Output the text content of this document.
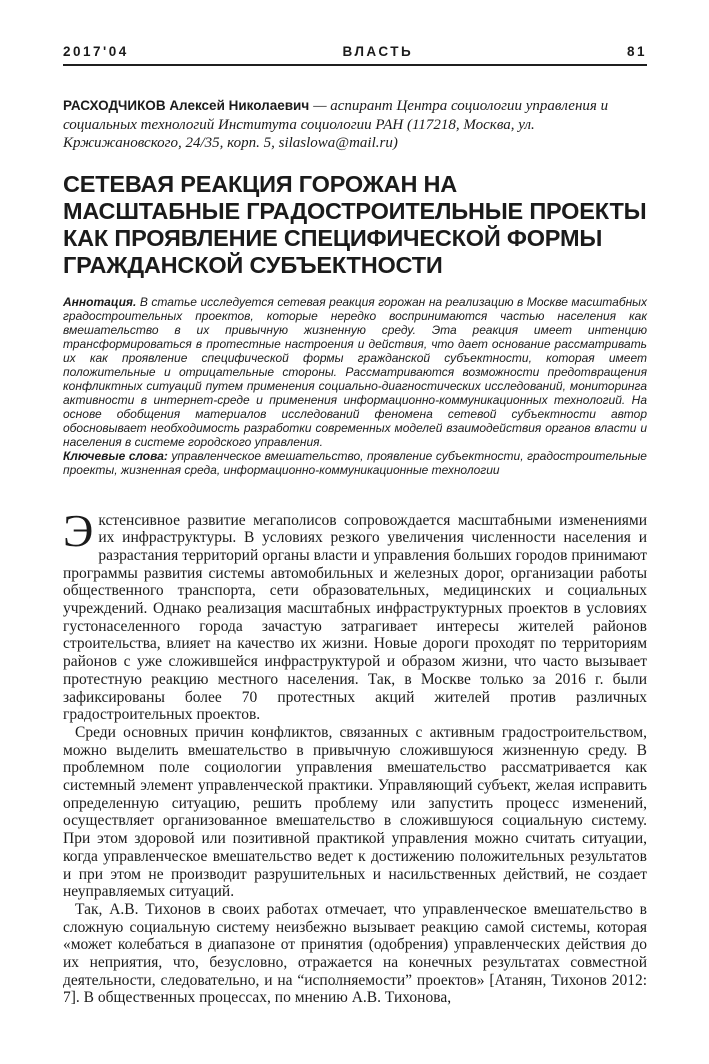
2017'04	ВЛАСТЬ	81
РАСХОДЧИКОВ Алексей Николаевич — аспирант Центра социологии управления и социальных технологий Института социологии РАН (117218, Москва, ул. Кржижановского, 24/35, корп. 5, silaslowa@mail.ru)
СЕТЕВАЯ РЕАКЦИЯ ГОРОЖАН НА
МАСШТАБНЫЕ ГРАДОСТРОИТЕЛЬНЫЕ ПРОЕКТЫ
КАК ПРОЯВЛЕНИЕ СПЕЦИФИЧЕСКОЙ ФОРМЫ
ГРАЖДАНСКОЙ СУБЪЕКТНОСТИ

Аннотация. В статье исследуется сетевая реакция горожан на реализацию в Москве масштабных градостроительных проектов, которые нередко воспринимаются частью населения как вмешательство в их привычную жизненную среду. Эта реакция имеет интенцию трансформироваться в протестные настроения и действия, что дает основание рассматривать их как проявление специфической формы гражданской субъектности, которая имеет положительные и отрицательные стороны. Рассматриваются возможности предотвращения конфликтных ситуаций путем применения социально-диагностических исследований, мониторинга активности в интернет-среде и применения информационно-коммуникационных технологий. На основе обобщения материалов исследований феномена сетевой субъектности автор обосновывает необходимость разработки современных моделей взаимодействия органов власти и населения в системе городского управления.

Ключевые слова: управленческое вмешательство, проявление субъектности, градостроительные проекты, жизненная среда, информационно-коммуникационные технологии

Экстенсивное развитие мегаполисов сопровождается масштабными изменениями их инфраструктуры. В условиях резкого увеличения численности населения и разрастания территорий органы власти и управления больших городов принимают программы развития системы автомобильных и железных дорог, организации работы общественного транспорта, сети образовательных, медицинских и социальных учреждений. Однако реализация масштабных инфраструктурных проектов в условиях густонаселенного города зачастую затрагивает интересы жителей районов строительства, влияет на качество их жизни. Новые дороги проходят по территориям районов с уже сложившейся инфраструктурой и образом жизни, что часто вызывает протестную реакцию местного населения. Так, в Москве только за 2016 г. были зафиксированы более 70 протестных акций жителей против различных градостроительных проектов.

Среди основных причин конфликтов, связанных с активным градостроительством, можно выделить вмешательство в привычную сложившуюся жизненную среду. В проблемном поле социологии управления вмешательство рассматривается как системный элемент управленческой практики. Управляющий субъект, желая исправить определенную ситуацию, решить проблему или запустить процесс изменений, осуществляет организованное вмешательство в сложившуюся социальную систему. При этом здоровой или позитивной практикой управления можно считать ситуации, когда управленческое вмешательство ведет к достижению положительных результатов и при этом не производит разрушительных и насильственных действий, не создает неуправляемых ситуаций.

Так, А.В. Тихонов в своих работах отмечает, что управленческое вмешательство в сложную социальную систему неизбежно вызывает реакцию самой системы, которая «может колебаться в диапазоне от принятия (одобрения) управленческих действия до их неприятия, что, безусловно, отражается на конечных результатах совместной деятельности, следовательно, и на “исполняемости” проектов» [Атанян, Тихонов 2012: 7]. В общественных процессах, по мнению А.В. Тихонова,
